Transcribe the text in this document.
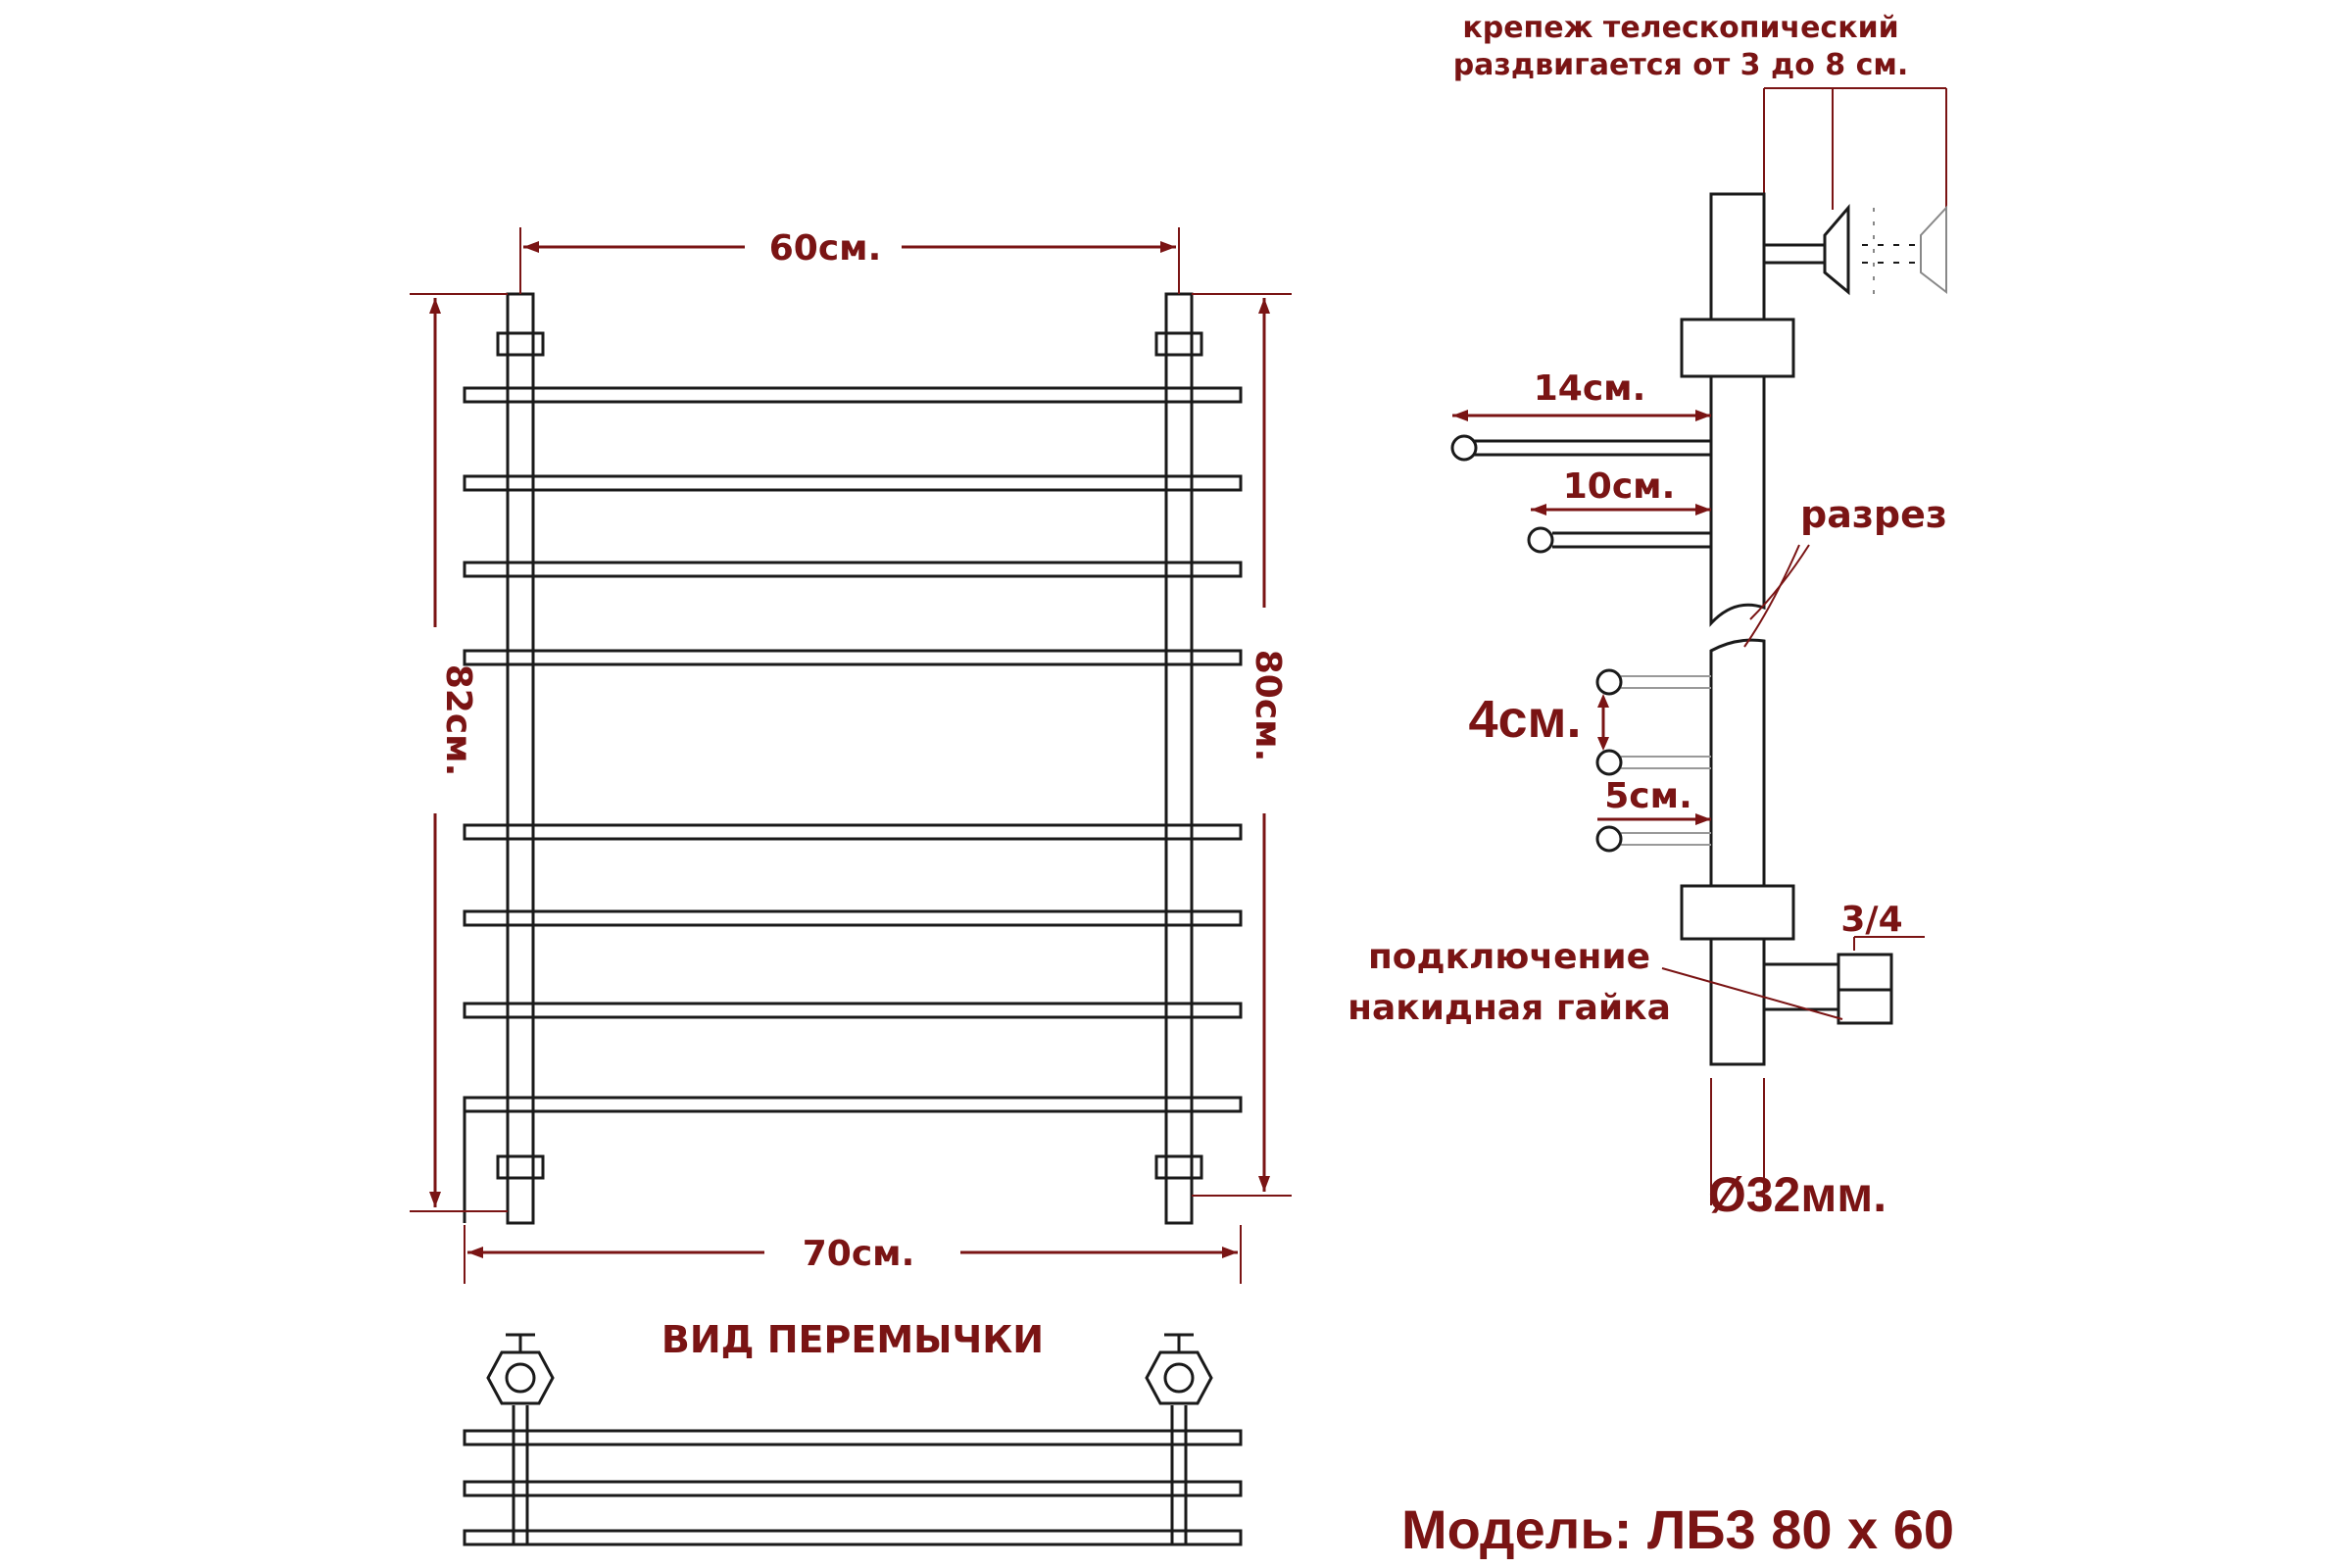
60см.
70см.
82см.	80см.
ВИД ПЕРЕМЫЧКИ
крепеж телескопический
раздвигается от 3 до 8 см.
14см.
10см.
разрез
4см.
5см.
3/4
подключение
накидная гайка
Ø32мм.
Модель: ЛБ3 80 х 60
